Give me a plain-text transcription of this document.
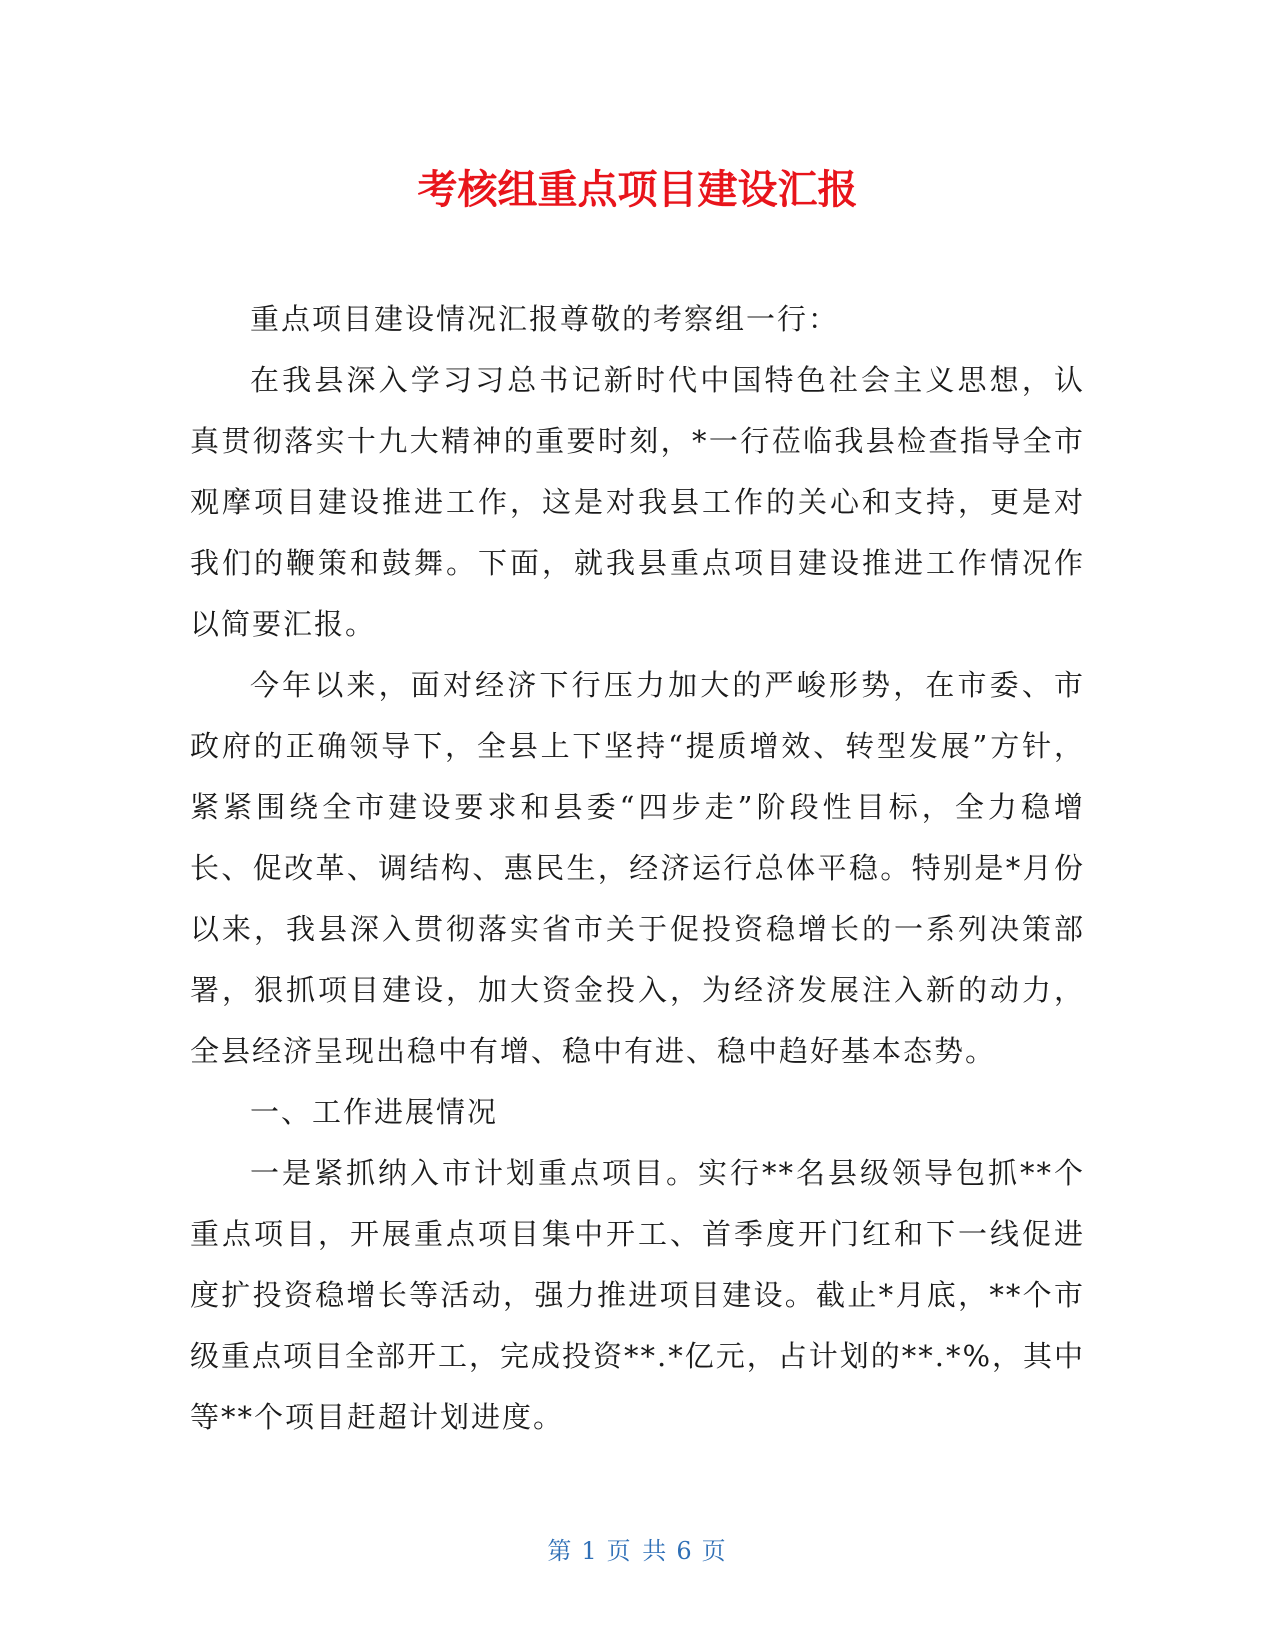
考核组重点项目建设汇报

重点项目建设情况汇报尊敬的考察组一行：

在我县深入学习习总书记新时代中国特色社会主义思想，认真贯彻落实十九大精神的重要时刻，*一行莅临我县检查指导全市观摩项目建设推进工作，这是对我县工作的关心和支持，更是对我们的鞭策和鼓舞。下面，就我县重点项目建设推进工作情况作以简要汇报。

今年以来，面对经济下行压力加大的严峻形势，在市委、市政府的正确领导下，全县上下坚持“提质增效、转型发展”方针，紧紧围绕全市建设要求和县委“四步走”阶段性目标，全力稳增长、促改革、调结构、惠民生，经济运行总体平稳。特别是*月份以来，我县深入贯彻落实省市关于促投资稳增长的一系列决策部署，狠抓项目建设，加大资金投入，为经济发展注入新的动力，全县经济呈现出稳中有增、稳中有进、稳中趋好基本态势。

一、工作进展情况

一是紧抓纳入市计划重点项目。实行**名县级领导包抓**个重点项目，开展重点项目集中开工、首季度开门红和下一线促进度扩投资稳增长等活动，强力推进项目建设。截止*月底，**个市级重点项目全部开工，完成投资**.*亿元，占计划的**.*%，其中等**个项目赶超计划进度。

第 1 页 共 6 页
